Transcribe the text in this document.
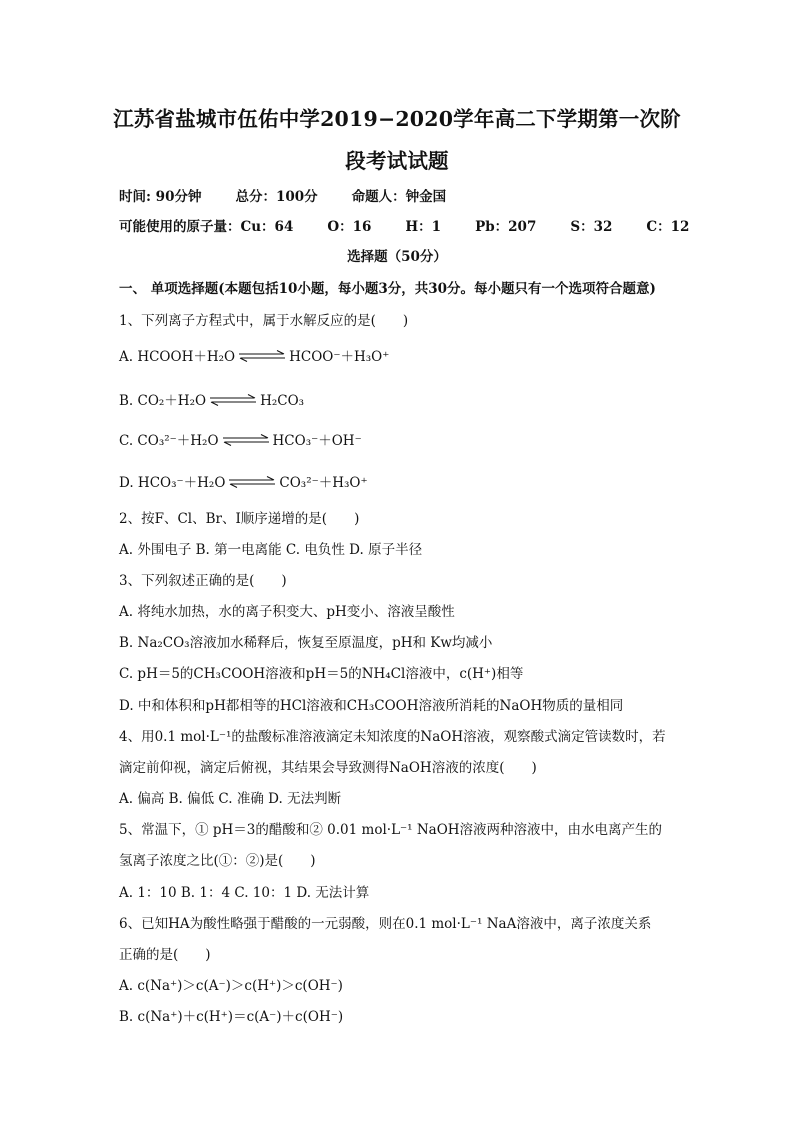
江苏省盐城市伍佑中学2019−2020学年高二下学期第一次阶
段考试试题
时间: 90分钟	总分：100分	命题人：钟金国
可能使用的原子量：Cu：64	O：16	H：1	Pb：207	S：32	C：12
选择题（50分）
一、 单项选择题(本题包括10小题，每小题3分，共30分。每小题只有一个选项符合题意)
1、下列离子方程式中，属于水解反应的是(　　)
A. HCOOH＋H₂O ⇌ HCOO⁻＋H₃O⁺
B. CO₂＋H₂O ⇌ H₂CO₃
C. CO₃²⁻＋H₂O ⇌ HCO₃⁻＋OH⁻
D. HCO₃⁻＋H₂O ⇌ CO₃²⁻＋H₃O⁺
2、按F、Cl、Br、I顺序递增的是(　　)
A. 外围电子 B. 第一电离能 C. 电负性 D. 原子半径
3、下列叙述正确的是(　　)
A. 将纯水加热，水的离子积变大、pH变小、溶液呈酸性
B. Na₂CO₃溶液加水稀释后，恢复至原温度，pH和 Kw均减小
C. pH＝5的CH₃COOH溶液和pH＝5的NH₄Cl溶液中，c(H⁺)相等
D. 中和体积和pH都相等的HCl溶液和CH₃COOH溶液所消耗的NaOH物质的量相同
4、用0.1 mol·L⁻¹的盐酸标准溶液滴定未知浓度的NaOH溶液，观察酸式滴定管读数时，若
滴定前仰视，滴定后俯视，其结果会导致测得NaOH溶液的浓度(　　)
A. 偏高 B. 偏低 C. 准确 D. 无法判断
5、常温下，① pH＝3的醋酸和② 0.01 mol·L⁻¹ NaOH溶液两种溶液中，由水电离产生的
氢离子浓度之比(①：②)是(　　)
A. 1：10 B. 1：4 C. 10：1 D. 无法计算
6、已知HA为酸性略强于醋酸的一元弱酸，则在0.1 mol·L⁻¹ NaA溶液中，离子浓度关系
正确的是(　　)
A. c(Na⁺)＞c(A⁻)＞c(H⁺)＞c(OH⁻)
B. c(Na⁺)＋c(H⁺)＝c(A⁻)＋c(OH⁻)
